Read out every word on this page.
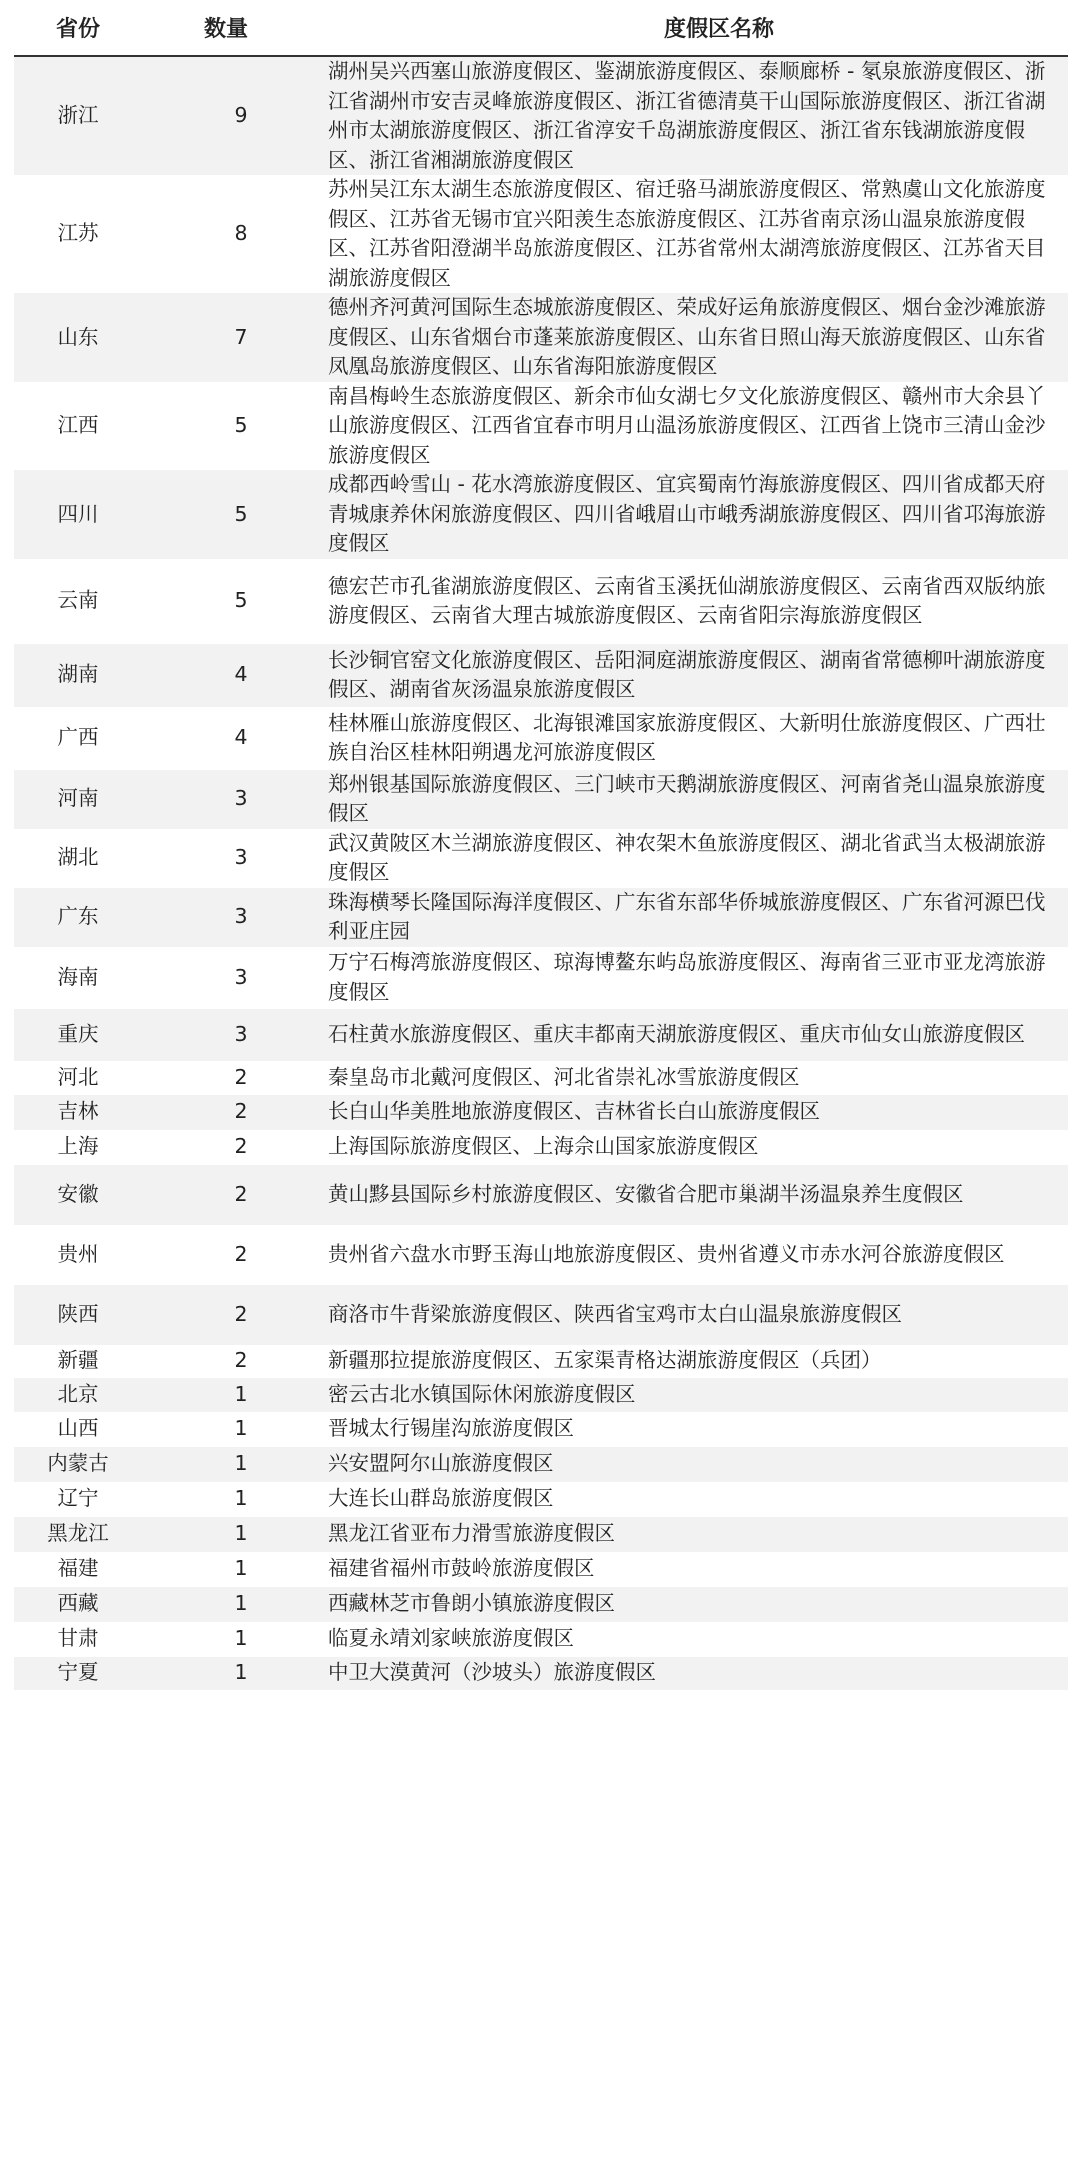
省份	数量	度假区名称
浙江	9	湖州吴兴西塞山旅游度假区、鉴湖旅游度假区、泰顺廊桥 - 氡泉旅游度假区、浙江省湖州市安吉灵峰旅游度假区、浙江省德清莫干山国际旅游度假区、浙江省湖州市太湖旅游度假区、浙江省淳安千岛湖旅游度假区、浙江省东钱湖旅游度假区、浙江省湘湖旅游度假区
江苏	8	苏州吴江东太湖生态旅游度假区、宿迁骆马湖旅游度假区、常熟虞山文化旅游度假区、江苏省无锡市宜兴阳羡生态旅游度假区、江苏省南京汤山温泉旅游度假区、江苏省阳澄湖半岛旅游度假区、江苏省常州太湖湾旅游度假区、江苏省天目湖旅游度假区
山东	7	德州齐河黄河国际生态城旅游度假区、荣成好运角旅游度假区、烟台金沙滩旅游度假区、山东省烟台市蓬莱旅游度假区、山东省日照山海天旅游度假区、山东省凤凰岛旅游度假区、山东省海阳旅游度假区
江西	5	南昌梅岭生态旅游度假区、新余市仙女湖七夕文化旅游度假区、赣州市大余县丫山旅游度假区、江西省宜春市明月山温汤旅游度假区、江西省上饶市三清山金沙旅游度假区
四川	5	成都西岭雪山 - 花水湾旅游度假区、宜宾蜀南竹海旅游度假区、四川省成都天府青城康养休闲旅游度假区、四川省峨眉山市峨秀湖旅游度假区、四川省邛海旅游度假区
云南	5	德宏芒市孔雀湖旅游度假区、云南省玉溪抚仙湖旅游度假区、云南省西双版纳旅游度假区、云南省大理古城旅游度假区、云南省阳宗海旅游度假区
湖南	4	长沙铜官窑文化旅游度假区、岳阳洞庭湖旅游度假区、湖南省常德柳叶湖旅游度假区、湖南省灰汤温泉旅游度假区
广西	4	桂林雁山旅游度假区、北海银滩国家旅游度假区、大新明仕旅游度假区、广西壮族自治区桂林阳朔遇龙河旅游度假区
河南	3	郑州银基国际旅游度假区、三门峡市天鹅湖旅游度假区、河南省尧山温泉旅游度假区
湖北	3	武汉黄陂区木兰湖旅游度假区、神农架木鱼旅游度假区、湖北省武当太极湖旅游度假区
广东	3	珠海横琴长隆国际海洋度假区、广东省东部华侨城旅游度假区、广东省河源巴伐利亚庄园
海南	3	万宁石梅湾旅游度假区、琼海博鳌东屿岛旅游度假区、海南省三亚市亚龙湾旅游度假区
重庆	3	石柱黄水旅游度假区、重庆丰都南天湖旅游度假区、重庆市仙女山旅游度假区
河北	2	秦皇岛市北戴河度假区、河北省崇礼冰雪旅游度假区
吉林	2	长白山华美胜地旅游度假区、吉林省长白山旅游度假区
上海	2	上海国际旅游度假区、上海佘山国家旅游度假区
安徽	2	黄山黟县国际乡村旅游度假区、安徽省合肥市巢湖半汤温泉养生度假区
贵州	2	贵州省六盘水市野玉海山地旅游度假区、贵州省遵义市赤水河谷旅游度假区
陕西	2	商洛市牛背梁旅游度假区、陕西省宝鸡市太白山温泉旅游度假区
新疆	2	新疆那拉提旅游度假区、五家渠青格达湖旅游度假区（兵团）
北京	1	密云古北水镇国际休闲旅游度假区
山西	1	晋城太行锡崖沟旅游度假区
内蒙古	1	兴安盟阿尔山旅游度假区
辽宁	1	大连长山群岛旅游度假区
黑龙江	1	黑龙江省亚布力滑雪旅游度假区
福建	1	福建省福州市鼓岭旅游度假区
西藏	1	西藏林芝市鲁朗小镇旅游度假区
甘肃	1	临夏永靖刘家峡旅游度假区
宁夏	1	中卫大漠黄河（沙坡头）旅游度假区
